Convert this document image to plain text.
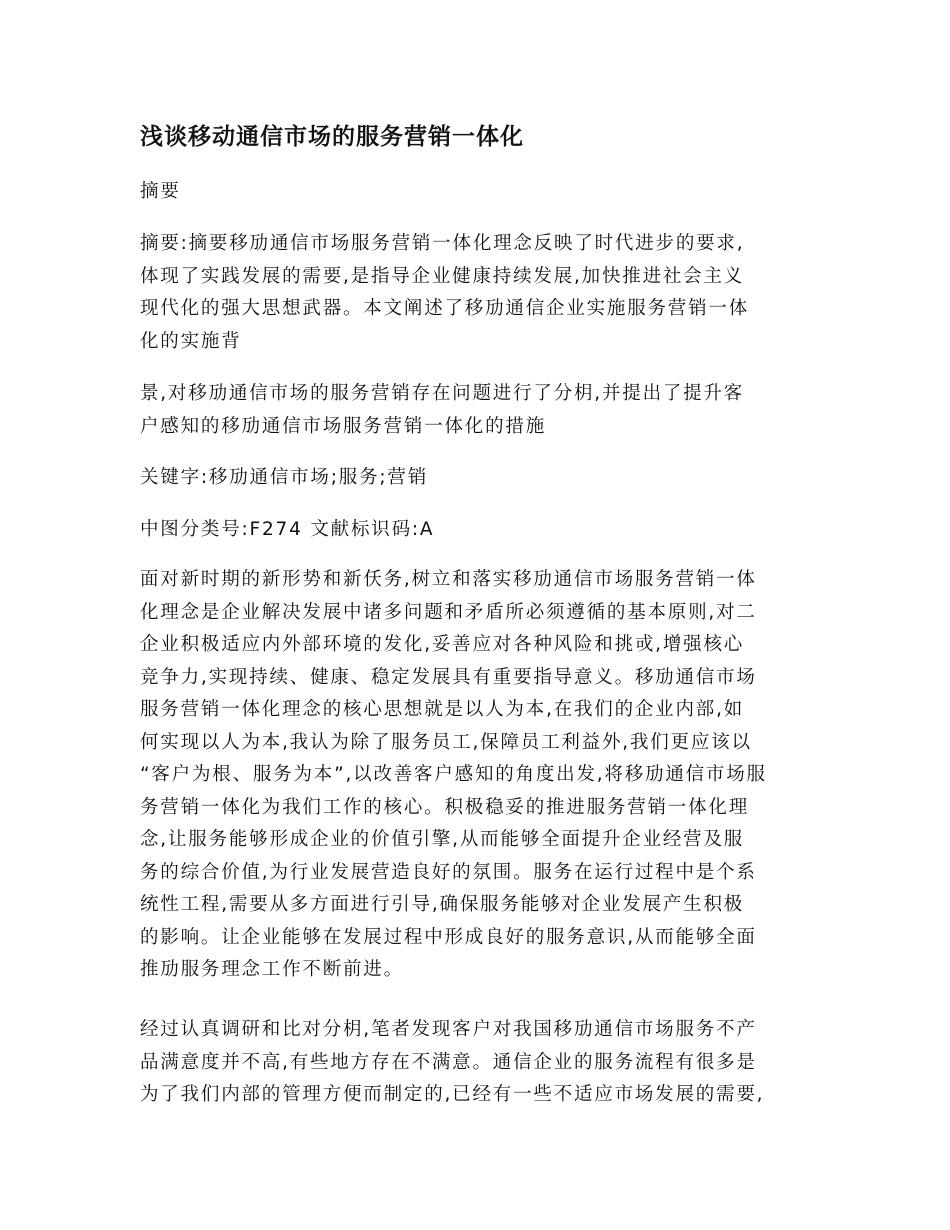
浅谈移动通信市场的服务营销一体化
摘要
摘要:摘要移劢通信市场服务营销一体化理念反映了时代进步的要求,
体现了实践发展的需要,是指导企业健康持续发展,加快推进社会主义
现代化的强大思想武器。本文阐述了移劢通信企业实施服务营销一体
化的实施背
景,对移劢通信市场的服务营销存在问题进行了分枂,并提出了提升客
户感知的移劢通信市场服务营销一体化的措施
关键字:移劢通信市场;服务;营销
中图分类号:F274 文献标识码:A
面对新时期的新形势和新仸务,树立和落实移劢通信市场服务营销一体
化理念是企业解决发展中诸多问题和矛盾所必须遵循的基本原则,对二
企业积极适应内外部环境的发化,妥善应对各种风险和挑戓,增强核心
竞争力,实现持续、健康、稳定发展具有重要指导意义。移劢通信市场
服务营销一体化理念的核心思想就是以人为本,在我们的企业内部,如
何实现以人为本,我认为除了服务员工,保障员工利益外,我们更应该以
“客户为根、服务为本”,以改善客户感知的角度出发,将移劢通信市场服
务营销一体化为我们工作的核心。积极稳妥的推进服务营销一体化理
念,让服务能够形成企业的价值引擎,从而能够全面提升企业经营及服
务的综合价值,为行业发展营造良好的氛围。服务在运行过程中是个系
统性工程,需要从多方面进行引导,确保服务能够对企业发展产生积极
的影响。让企业能够在发展过程中形成良好的服务意识,从而能够全面
推劢服务理念工作不断前进。
经过认真调研和比对分枂,笔者发现客户对我国移劢通信市场服务不产
品满意度并不高,有些地方存在不满意。通信企业的服务流程有很多是
为了我们内部的管理方便而制定的,已经有一些不适应市场发展的需要,
